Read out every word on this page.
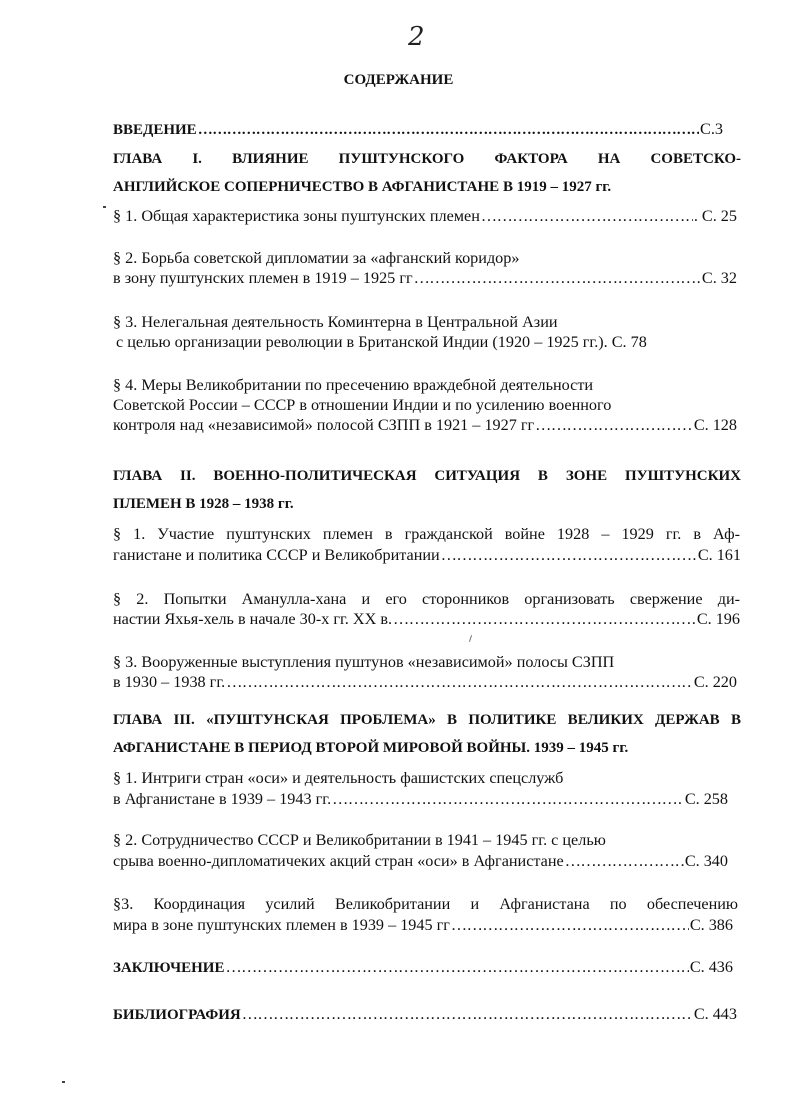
2
СОДЕРЖАНИЕ
ВВЕДЕНИЕ ……………………………………………………………………………………………………………………………………………………………………………………	С.3
ГЛАВА I. ВЛИЯНИЕ ПУШТУНСКОГО ФАКТОРА НА СОВЕТСКО-
АНГЛИЙСКОЕ СОПЕРНИЧЕСТВО В АФГАНИСТАНЕ В 1919 – 1927 гг.
§ 1. Общая характеристика зоны пуштунских племен ……………………………………………………………………………………………………………………………………………………………………………………	. С. 25
§ 2. Борьба советской дипломатии за «афганский коридор»
в зону пуштунских племен в 1919 – 1925 гг ……………………………………………………………………………………………………………………………………………………………………………………	С. 32
§ 3. Нелегальная деятельность Коминтерна в Центральной Азии
с целью организации революции в Британской Индии (1920 – 1925 гг.). С. 78
§ 4. Меры Великобритании по пресечению враждебной деятельности
Советской России – СССР в отношении Индии и по усилению военного
контроля над «независимой» полосой СЗПП в 1921 – 1927 гг ……………………………………………………………………………………………………………………………………………………………………………………	С. 128
ГЛАВА II. ВОЕННО-ПОЛИТИЧЕСКАЯ СИТУАЦИЯ В ЗОНЕ ПУШТУНСКИХ
ПЛЕМЕН В 1928 – 1938 гг.
§ 1. Участие пуштунских племен в гражданской войне 1928 – 1929 гг. в Аф-
ганистане и политика СССР и Великобритании ……………………………………………………………………………………………………………………………………………………………………………………	С. 161
§ 2. Попытки Аманулла-хана и его сторонников организовать свержение ди-
настии Яхья-хель в начале 30-х гг. XX в. ……………………………………………………………………………………………………………………………………………………………………………………	С. 196
§ 3. Вооруженные выступления пуштунов «независимой» полосы СЗПП
в 1930 – 1938 гг. ……………………………………………………………………………………………………………………………………………………………………………………	С. 220
ГЛАВА III. «ПУШТУНСКАЯ ПРОБЛЕМА» В ПОЛИТИКЕ ВЕЛИКИХ ДЕРЖАВ В
АФГАНИСТАНЕ В ПЕРИОД ВТОРОЙ МИРОВОЙ ВОЙНЫ. 1939 – 1945 гг.
§ 1. Интриги стран «оси» и деятельность фашистских спецслужб
в Афганистане в 1939 – 1943 гг. ……………………………………………………………………………………………………………………………………………………………………………………	С. 258
§ 2. Сотрудничество СССР и Великобритании в 1941 – 1945 гг. с целью
срыва военно-дипломатичеких акций стран «оси» в Афганистане ……………………………………………………………………………………………………………………………………………………………………………………	С. 340
§3. Координация усилий Великобритании и Афганистана по обеспечению
мира в зоне пуштунских племен в 1939 – 1945 гг ……………………………………………………………………………………………………………………………………………………………………………………	С. 386
ЗАКЛЮЧЕНИЕ ……………………………………………………………………………………………………………………………………………………………………………………	С. 436
БИБЛИОГРАФИЯ ……………………………………………………………………………………………………………………………………………………………………………………	С. 443
